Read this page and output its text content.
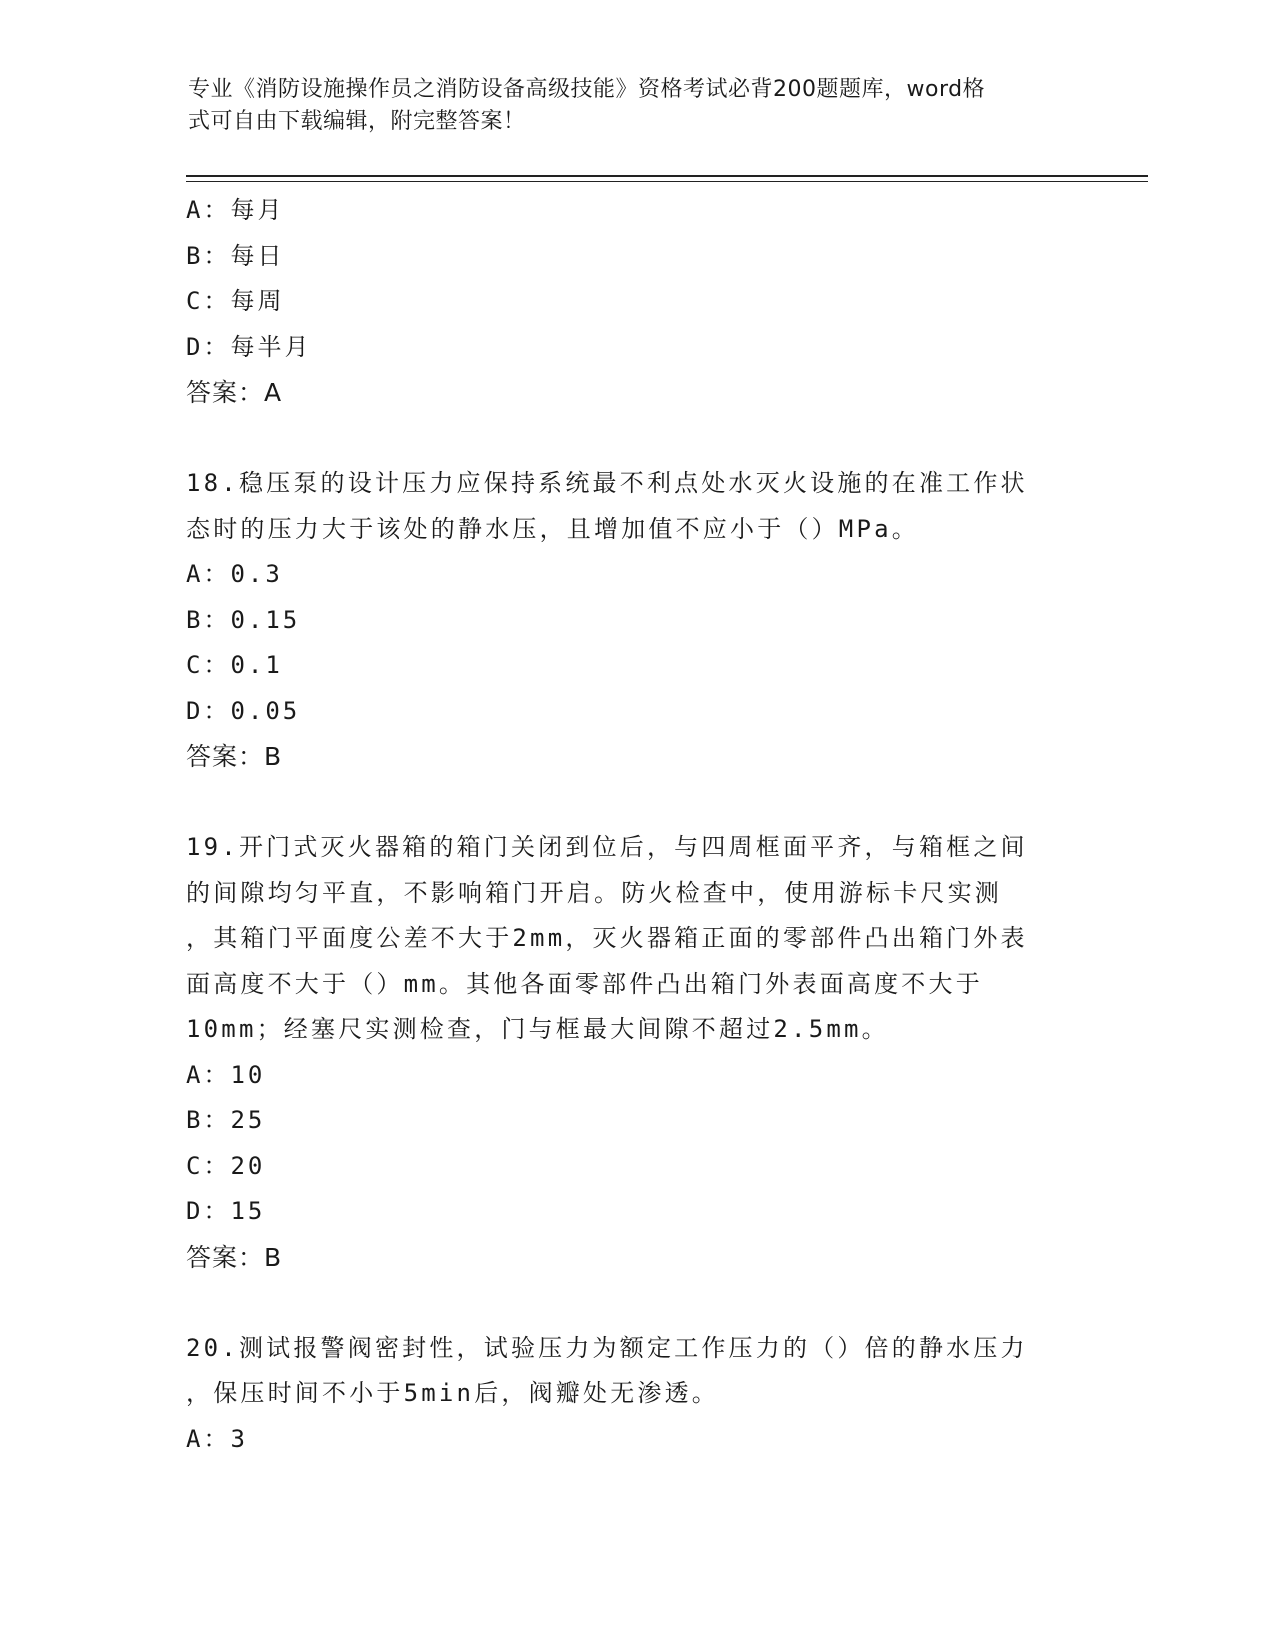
专业《消防设施操作员之消防设备高级技能》资格考试必背200题题库，word格
式可自由下载编辑，附完整答案！
A：每月
B：每日
C：每周
D：每半月
答案：A
18.稳压泵的设计压力应保持系统最不利点处水灭火设施的在准工作状
态时的压力大于该处的静水压，且增加值不应小于（）MPa。
A：0.3
B：0.15
C：0.1
D：0.05
答案：B
19.开门式灭火器箱的箱门关闭到位后，与四周框面平齐，与箱框之间
的间隙均匀平直，不影响箱门开启。防火检查中，使用游标卡尺实测
，其箱门平面度公差不大于2mm，灭火器箱正面的零部件凸出箱门外表
面高度不大于（）mm。其他各面零部件凸出箱门外表面高度不大于
10mm；经塞尺实测检查，门与框最大间隙不超过2.5mm。
A：10
B：25
C：20
D：15
答案：B
20.测试报警阀密封性，试验压力为额定工作压力的（）倍的静水压力
，保压时间不小于5min后，阀瓣处无渗透。
A：3
